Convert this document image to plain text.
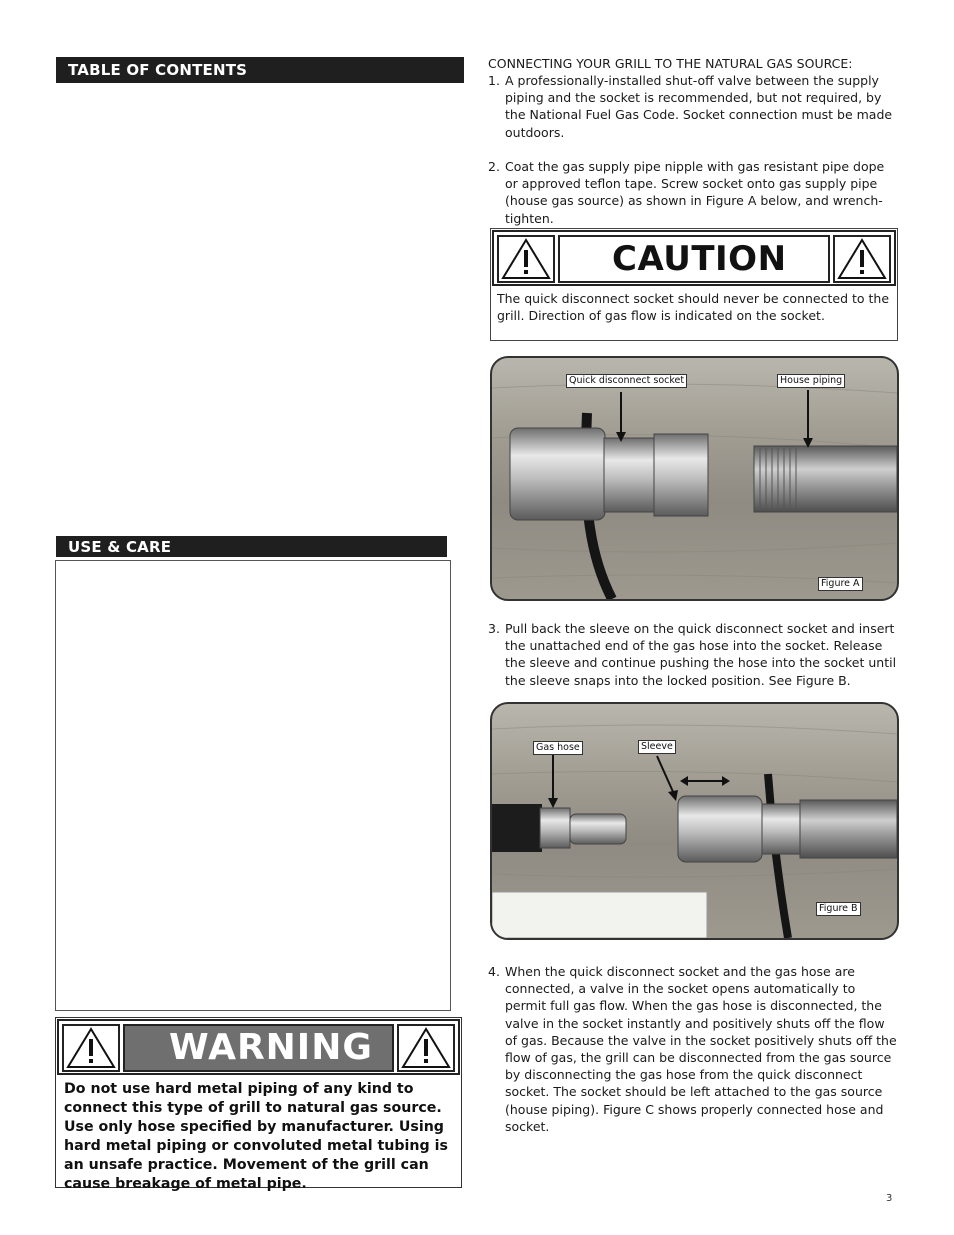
TABLE OF CONTENTS
USE & CARE
WARNING
Do not use hard metal piping of any kind to connect this type of grill to natural gas source. Use only hose specified by manufacturer. Using hard metal piping or convoluted metal tubing is an unsafe practice. Movement of the grill can cause breakage of metal pipe.
CONNECTING YOUR GRILL TO THE NATURAL GAS SOURCE:
1. A professionally-installed shut-off valve between the supply piping and the socket is recommended, but not required, by the National Fuel Gas Code. Socket connection must be made outdoors.
2. Coat the gas supply pipe nipple with gas resistant pipe dope or approved teflon tape. Screw socket onto gas supply pipe (house gas source) as shown in Figure A below, and wrench-tighten.
CAUTION
The quick disconnect socket should never be connected to the grill. Direction of gas flow is indicated on the socket.
Quick disconnect socket	House piping
Figure A
3. Pull back the sleeve on the quick disconnect socket and insert the unattached end of the gas hose into the socket. Release the sleeve and continue pushing the hose into the socket until the sleeve snaps into the locked position. See Figure B.
Gas hose	Sleeve
Figure B
4. When the quick disconnect socket and the gas hose are connected, a valve in the socket opens automatically to permit full gas flow. When the gas hose is disconnected, the valve in the socket instantly and positively shuts off the flow of gas. Because the valve in the socket positively shuts off the flow of gas, the grill can be disconnected from the gas source by disconnecting the gas hose from the quick disconnect socket. The socket should be left attached to the gas source (house piping). Figure C shows properly connected hose and socket.
3
